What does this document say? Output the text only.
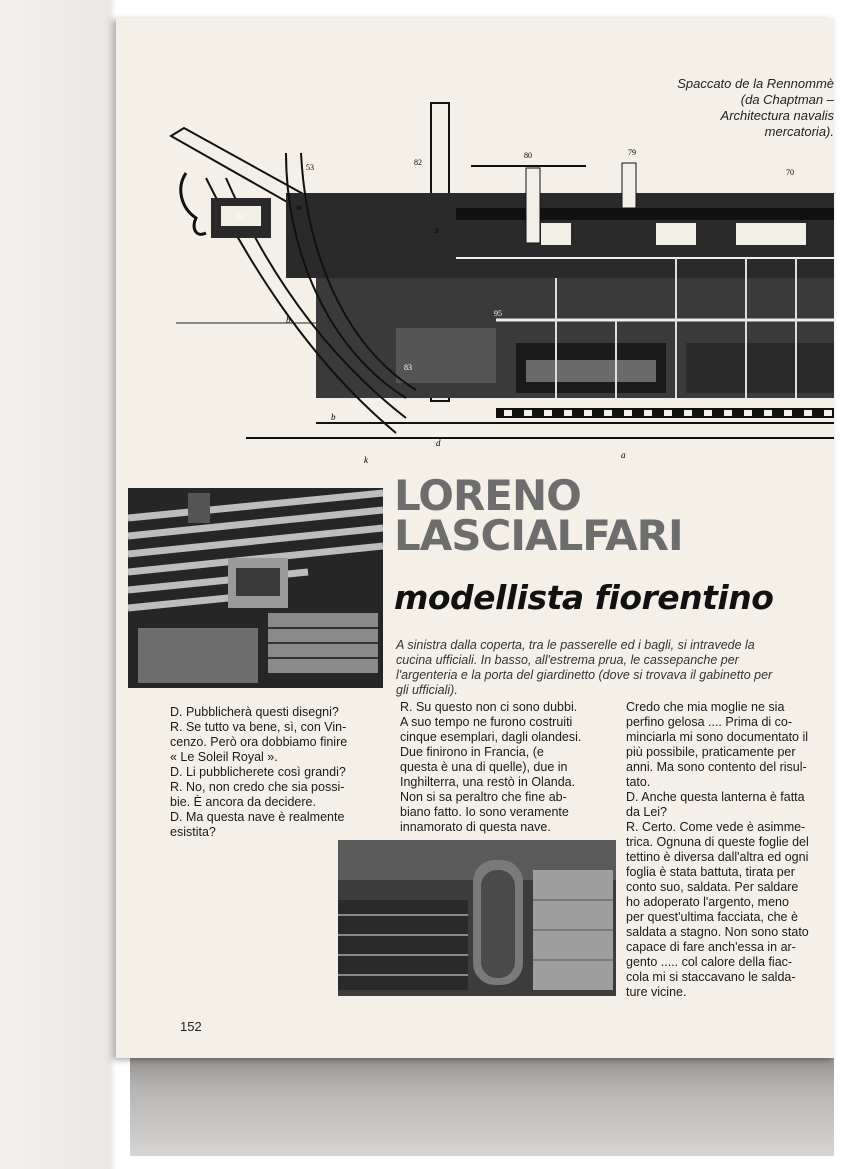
53
82
80	79
70
84
w
x
b
b
k
d
a
95
83
Spaccato de la Rennommè
(da Chaptman –
Architectura navalis
mercatoria).
LORENO
LASCIALFARI
modellista fiorentino
A sinistra dalla coperta, tra le passerelle ed i bagli, si intravede la
cucina ufficiali. In basso, all'estrema prua, le cassepanche per
l'argenteria e la porta del giardinetto (dove si trovava il gabinetto per
gli ufficiali).
D. Pubblicherà questi disegni?
R. Se tutto va bene, sì, con Vin-
cenzo. Però ora dobbiamo finire
« Le Soleil Royal ».
D. Li pubblicherete così grandi?
R. No, non credo che sia possi-
bie. È ancora da decidere.
D. Ma questa nave è realmente
esistita?
R. Su questo non ci sono dubbi.
A suo tempo ne furono costruiti
cinque esemplari, dagli olandesi.
Due finirono in Francia, (e
questa è una di quelle), due in
Inghilterra, una restò in Olanda.
Non si sa peraltro che fine ab-
biano fatto. Io sono veramente
innamorato di questa nave.
Credo che mia moglie ne sia
perfino gelosa .... Prima di co-
minciarla mi sono documentato il
più possibile, praticamente per
anni. Ma sono contento del risul-
tato.
D. Anche questa lanterna è fatta
da Lei?
R. Certo. Come vede è asimme-
trica. Ognuna di queste foglie del
tettino è diversa dall'altra ed ogni
foglia è stata battuta, tirata per
conto suo, saldata. Per saldare
ho adoperato l'argento, meno
per quest'ultima facciata, che è
saldata a stagno. Non sono stato
capace di fare anch'essa in ar-
gento ..... col calore della fiac-
cola mi si staccavano le salda-
ture vicine.
152
